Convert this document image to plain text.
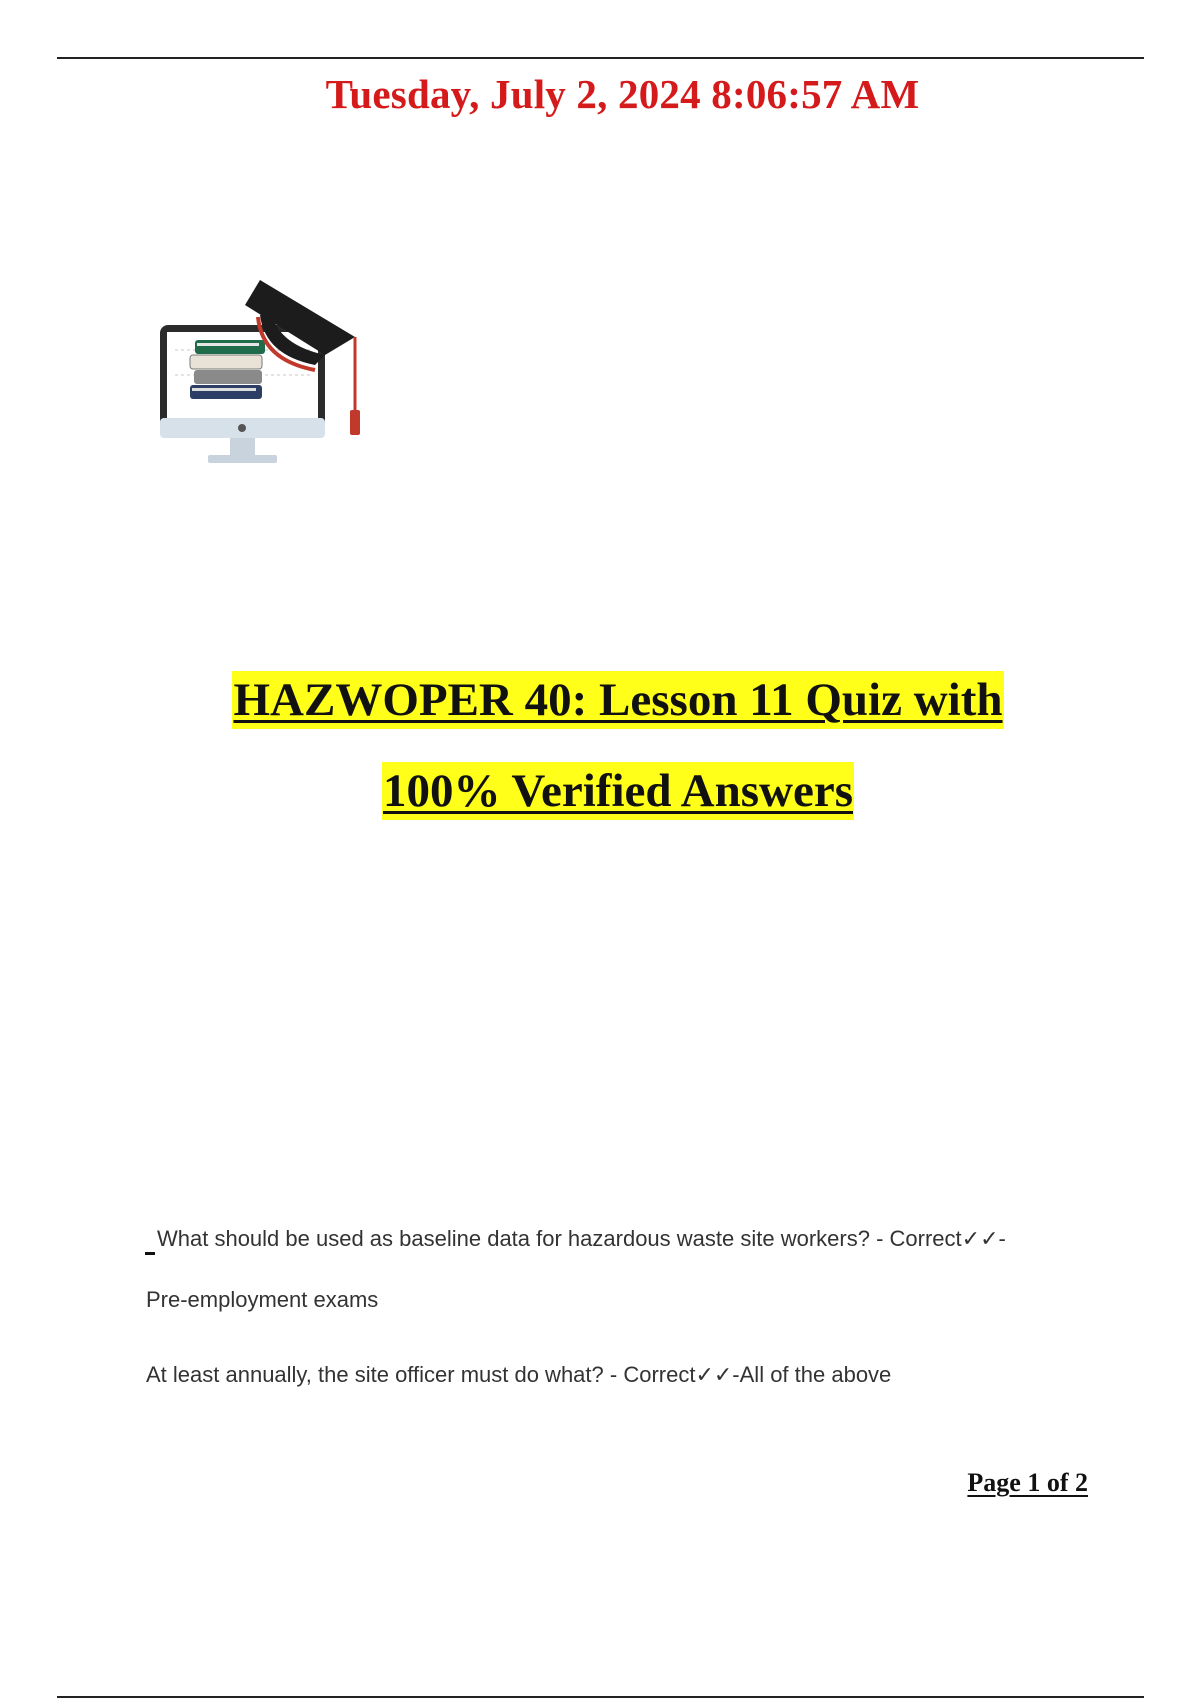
Tuesday, July 2, 2024 8:06:57 AM
HAZWOPER 40: Lesson 11 Quiz with
100% Verified Answers
What should be used as baseline data for hazardous waste site workers? - Correct✓✓-
Pre-employment exams
At least annually, the site officer must do what? - Correct✓✓-All of the above
Page 1 of 2
